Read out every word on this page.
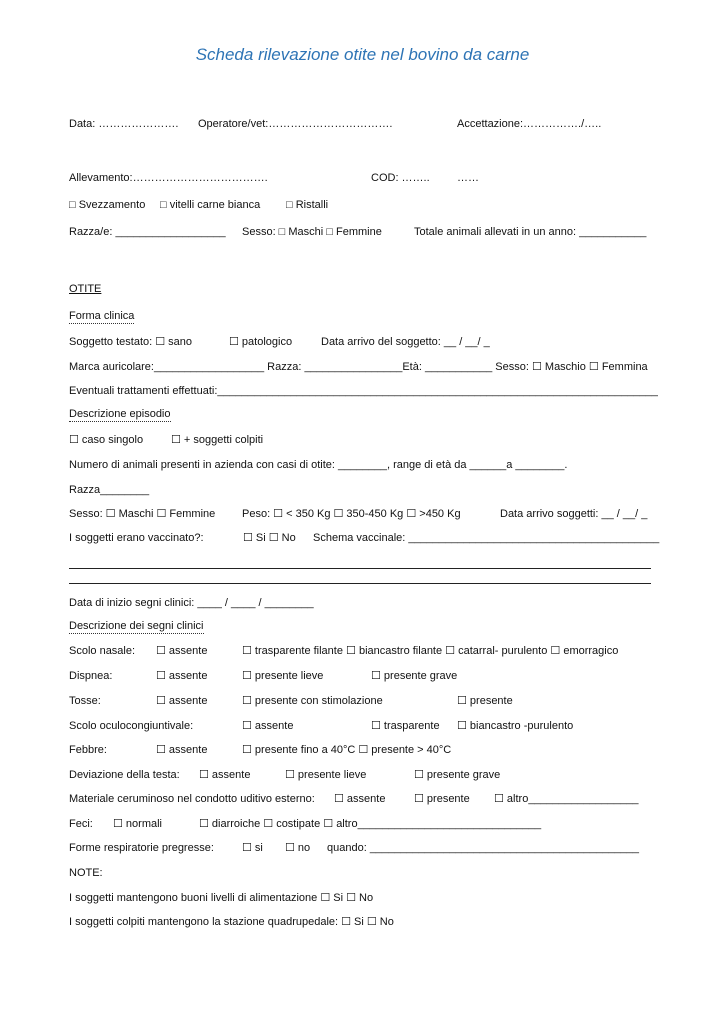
Scheda rilevazione otite nel bovino da carne
Data: …………………. Operatore/vet:…………………………….	Accettazione:……………./…..
Allevamento:……………………………….	COD: …….. ……
□ Svezzamento □ vitelli carne bianca □ Ristalli
Razza/e: __________________ Sesso: □ Maschi □ Femmine	Totale animali allevati in un anno: ___________
OTITE
Forma clinica
Soggetto testato: ☐ sano	☐ patologico	Data arrivo del soggetto: __ / __/ _
Marca auricolare:__________________ Razza: ________________Età: ___________ Sesso: ☐ Maschio ☐ Femmina
Eventuali trattamenti effettuati:________________________________________________________________________
Descrizione episodio
☐ caso singolo	☐ + soggetti colpiti
Numero di animali presenti in azienda con casi di otite: ________, range di età da ______a ________.
Razza________
Sesso: ☐ Maschi ☐ Femmine Peso: ☐ < 350 Kg ☐ 350-450 Kg ☐ >450 Kg	Data arrivo soggetti: __ / __/ _
I soggetti erano vaccinato?:	☐ Si ☐ No Schema vaccinale: _________________________________________
Data di inizio segni clinici: ____ / ____ / ________
Descrizione dei segni clinici
Scolo nasale: ☐ assente	☐ trasparente filante ☐ biancastro filante ☐ catarral- purulento ☐ emorragico
Dispnea:	☐ assente	☐ presente lieve	☐ presente grave
Tosse:	☐ assente	☐ presente con stimolazione	☐ presente
Scolo oculocongiuntivale:	☐ assente	☐ trasparente ☐ biancastro -purulento
Febbre:	☐ assente	☐ presente fino a 40°C ☐ presente > 40°C
Deviazione della testa: ☐ assente	☐ presente lieve	☐ presente grave
Materiale ceruminoso nel condotto uditivo esterno: ☐ assente	☐ presente ☐ altro__________________
Feci: ☐ normali	☐ diarroiche ☐ costipate ☐ altro______________________________
Forme respiratorie pregresse:	☐ si ☐ no quando: ____________________________________________
NOTE:
I soggetti mantengono buoni livelli di alimentazione ☐ Si ☐ No
I soggetti colpiti mantengono la stazione quadrupedale: ☐ Si ☐ No
